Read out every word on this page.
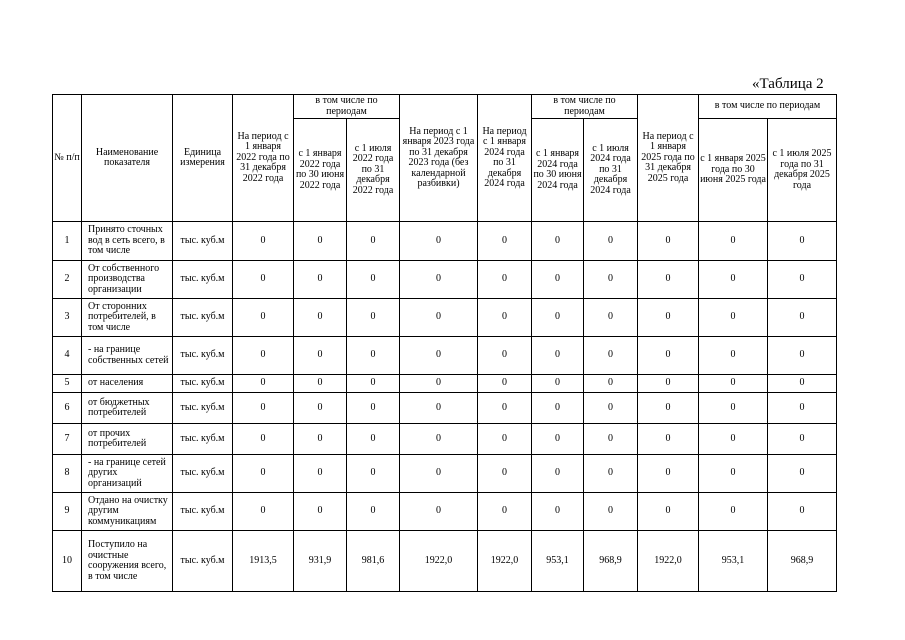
«Таблица 2
№ п/п	Наименование показателя	Единица измерения	На период с 1 января 2022 года по 31 декабря 2022 года	в том числе по периодам		На период с 1 января 2023 года по 31 декабря 2023 года (без календарной разбивки)	На период с 1 января 2024 года по 31 декабря 2024 года	в том числе по периодам		На период с 1 января 2025 года по 31 декабря 2025 года	в том числе по периодам	
				с 1 января 2022 года по 30 июня 2022 года	с 1 июля 2022 года по 31 декабря 2022 года			с 1 января 2024 года по 30 июня 2024 года	с 1 июля 2024 года по 31 декабря 2024 года		с 1 января 2025 года по 30 июня 2025 года	с 1 июля 2025 года по 31 декабря 2025 года
1	Принято сточных вод в сеть всего, в том числе	тыс. куб.м	0	0	0	0	0	0	0	0	0	0
2	От собственного производства организации	тыс. куб.м	0	0	0	0	0	0	0	0	0	0
3	От сторонних потребителей, в том числе	тыс. куб.м	0	0	0	0	0	0	0	0	0	0
4	- на границе собственных сетей	тыс. куб.м	0	0	0	0	0	0	0	0	0	0
5	от населения	тыс. куб.м	0	0	0	0	0	0	0	0	0	0
6	от бюджетных потребителей	тыс. куб.м	0	0	0	0	0	0	0	0	0	0
7	от прочих потребителей	тыс. куб.м	0	0	0	0	0	0	0	0	0	0
8	- на границе сетей других организаций	тыс. куб.м	0	0	0	0	0	0	0	0	0	0
9	Отдано на очистку другим коммуникациям	тыс. куб.м	0	0	0	0	0	0	0	0	0	0
10	Поступило на очистные сооружения всего, в том числе	тыс. куб.м	1913,5	931,9	981,6	1922,0	1922,0	953,1	968,9	1922,0	953,1	968,9
